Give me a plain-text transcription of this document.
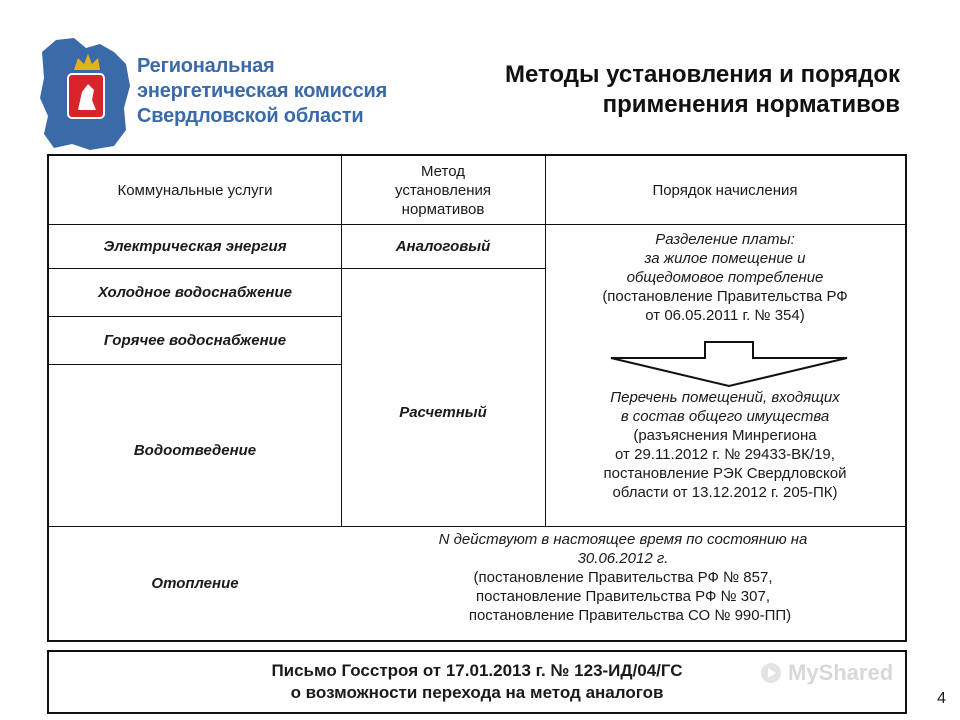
Региональная
энергетическая комиссия
Свердловской области
Методы установления и порядок
применения нормативов
Коммунальные услуги
Метод
установления
нормативов
Порядок начисления
Электрическая энергия
Холодное водоснабжение
Горячее водоснабжение
Водоотведение
Отопление
Аналоговый
Расчетный
Разделение платы:
за жилое помещение и
общедомовое потребление
(постановление Правительства РФ
от 06.05.2011 г. № 354)
Перечень помещений, входящих
в состав общего имущества
(разъяснения Минрегиона
от 29.11.2012 г. № 29433-ВК/19,
постановление РЭК Свердловской
области от 13.12.2012 г. 205-ПК)
N действуют в настоящее время по состоянию на
30.06.2012 г.
(постановление Правительства РФ № 857,
постановление Правительства РФ № 307,
постановление Правительства СО № 990-ПП)
Письмо Госстроя от 17.01.2013 г. № 123-ИД/04/ГС
о возможности перехода на метод аналогов
MyShared
4
